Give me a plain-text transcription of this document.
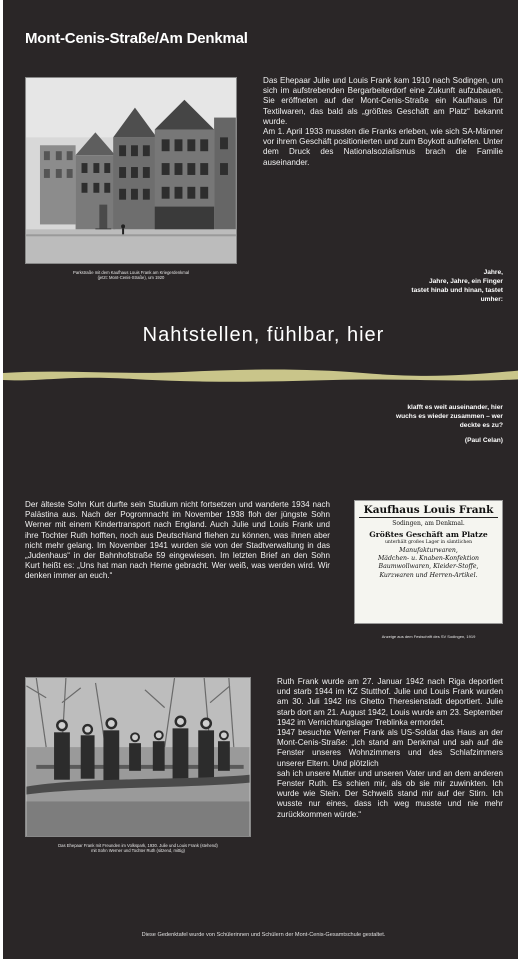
Mont-Cenis-Straße/Am Denkmal
Parkstraße mit dem Kaufhaus Louis Frank am Kriegerdenkmal
(jetzt: Mont-Cenis-Straße), um 1920

Das Ehepaar Julie und Louis Frank kam 1910 nach Sodingen, um sich im aufstrebenden Bergarbeiterdorf eine Zukunft aufzubauen. Sie eröffneten auf der Mont-Cenis-Straße ein Kaufhaus für Textilwaren, das bald als „größtes Geschäft am Platz“ bekannt wurde.

Am 1. April 1933 mussten die Franks erleben, wie sich SA-Männer vor ihrem Geschäft positionierten und zum Boykott aufriefen. Unter dem Druck des Nationalsozialismus brach die Familie auseinander.

Jahre,
Jahre, Jahre, ein Finger
tastet hinab und hinan, tastet
umher:
Nahtstellen, fühlbar, hier
klafft es weit auseinander, hier
wuchs es wieder zusammen – wer
deckte es zu?
(Paul Celan)

Der älteste Sohn Kurt durfte sein Studium nicht fortsetzen und wanderte 1934 nach Palästina aus. Nach der Pogromnacht im November 1938 floh der jüngste Sohn Werner mit einem Kindertransport nach England. Auch Julie und Louis Frank und ihre Tochter Ruth hofften, noch aus Deutschland fliehen zu können, was ihnen aber nicht mehr gelang. Im November 1941 wurden sie von der Stadtverwaltung in das „Judenhaus“ in der Bahnhofstraße 59 eingewiesen. Im letzten Brief an den Sohn Kurt heißt es: „Uns hat man nach Herne gebracht. Wer weiß, was werden wird. Wir denken immer an euch.“

Kaufhaus Louis Frank
Sodingen, am Denkmal.
Größtes Geschäft am Platze
unterhält großes Lager in sämtlichen
Manufakturwaren,
Mädchen- u. Knaben-Konfektion
Baumwollwaren, Kleider-Stoffe,
Kurzwaren und Herren-Artikel.
Anzeige aus dem Festschrift des SV Sodingen, 1919
Das Ehepaar Frank mit Freunden im Volkspark, 1930. Julie und Louis Frank (stehend)
mit Sohn Werner und Tochter Ruth (sitzend, mittig)

Ruth Frank wurde am 27. Januar 1942 nach Riga deportiert und starb 1944 im KZ Stutthof. Julie und Louis Frank wurden am 30. Juli 1942 ins Ghetto Theresienstadt deportiert. Julie starb dort am 21. August 1942, Louis wurde am 23. September 1942 im Vernichtungslager Treblinka ermordet.

1947 besuchte Werner Frank als US-Soldat das Haus an der Mont-Cenis-Straße: „Ich stand am Denkmal und sah auf die Fenster unseres Wohnzimmers und des Schlafzimmers unserer Eltern. Und plötzlich

sah ich unsere Mutter und unseren Vater und an dem anderen Fenster Ruth. Es schien mir, als ob sie mir zuwinkten. Ich wurde wie Stein. Der Schweiß stand mir auf der Stirn. Ich wusste nur eines, dass ich weg musste und nie mehr zurückkommen würde.“

Diese Gedenktafel wurde von Schülerinnen und Schülern der Mont-Cenis-Gesamtschule gestaltet.
